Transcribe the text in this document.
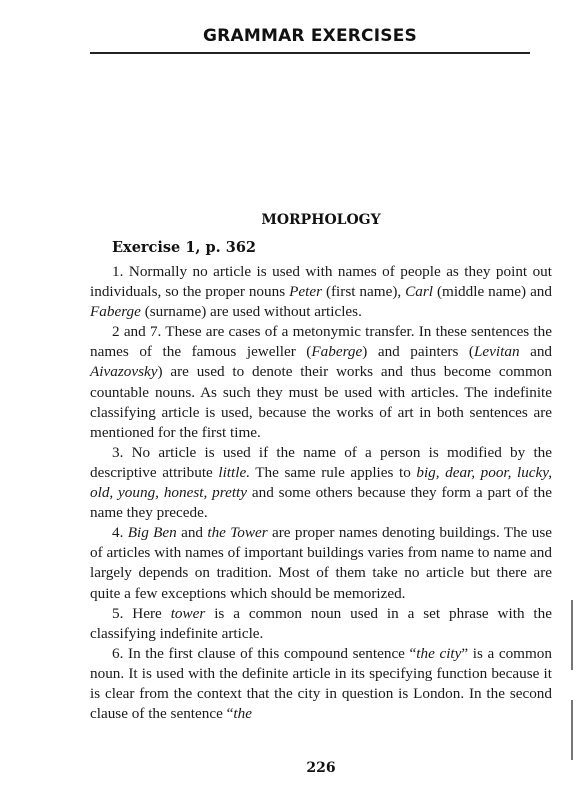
GRAMMAR EXERCISES
MORPHOLOGY
Exercise 1, p. 362

1. Normally no article is used with names of people as they point out individuals, so the proper nouns Peter (first name), Carl (middle name) and Faberge (surname) are used without articles.

2 and 7. These are cases of a metonymic transfer. In these sentences the names of the famous jeweller (Faberge) and painters (Levitan and Aivazovsky) are used to denote their works and thus become common countable nouns. As such they must be used with articles. The indefinite classifying article is used, because the works of art in both sentences are mentioned for the first time.

3. No article is used if the name of a person is modified by the descriptive attribute little. The same rule applies to big, dear, poor, lucky, old, young, honest, pretty and some others because they form a part of the name they precede.

4. Big Ben and the Tower are proper names denoting buildings. The use of articles with names of important buildings varies from name to name and largely depends on tradition. Most of them take no article but there are quite a few exceptions which should be memorized.

5. Here tower is a common noun used in a set phrase with the classifying indefinite article.

6. In the first clause of this compound sentence “the city” is a common noun. It is used with the definite article in its specifying function because it is clear from the context that the city in question is London. In the second clause of the sentence “the

226
